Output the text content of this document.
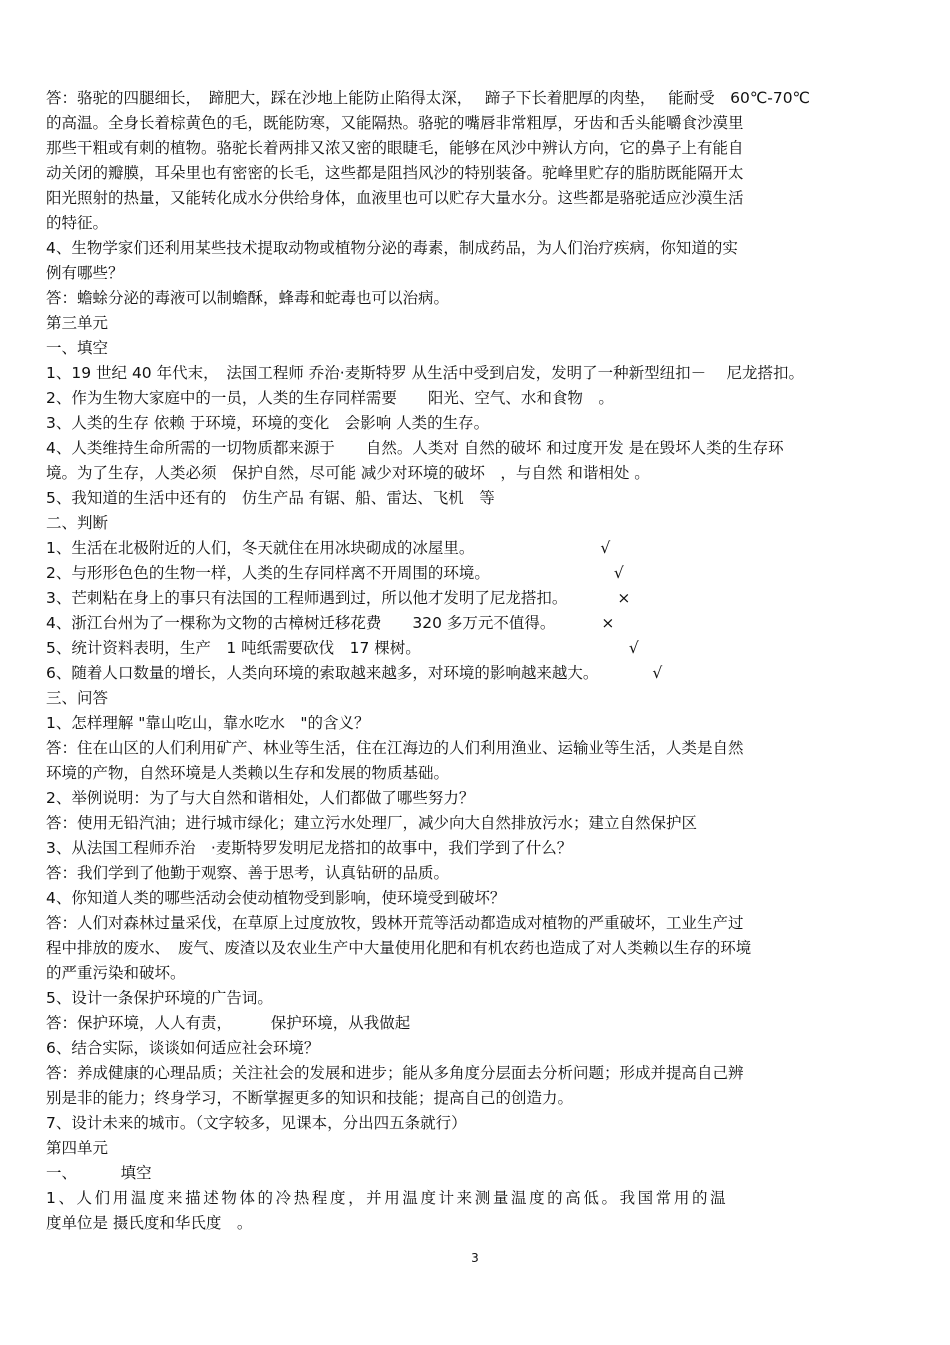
答：骆驼的四腿细长，　蹄肥大，踩在沙地上能防止陷得太深，　 蹄子下长着肥厚的肉垫，　 能耐受　60℃-70℃
的高温。全身长着棕黄色的毛，既能防寒，又能隔热。骆驼的嘴唇非常粗厚，牙齿和舌头能嚼食沙漠里
那些干粗或有刺的植物。骆驼长着两排又浓又密的眼睫毛，能够在风沙中辨认方向，它的鼻子上有能自
动关闭的瓣膜，耳朵里也有密密的长毛，这些都是阻挡风沙的特别装备。驼峰里贮存的脂肪既能隔开太
阳光照射的热量，又能转化成水分供给身体，血液里也可以贮存大量水分。这些都是骆驼适应沙漠生活
的特征。
4、生物学家们还利用某些技术提取动物或植物分泌的毒素，制成药品，为人们治疗疾病，你知道的实
例有哪些？
答：蟾蜍分泌的毒液可以制蟾酥，蜂毒和蛇毒也可以治病。
第三单元
一、填空
1、19 世纪 40 年代末，　法国工程师 乔治·麦斯特罗 从生活中受到启发，发明了一种新型纽扣－　 尼龙搭扣。
2、作为生物大家庭中的一员，人类的生存同样需要　　阳光、空气、水和食物　。
3、人类的生存 依赖 于环境，环境的变化　会影响 人类的生存。
4、人类维持生命所需的一切物质都来源于　　自然。人类对 自然的破坏 和过度开发 是在毁坏人类的生存环
境。为了生存，人类必须　保护自然，尽可能 减少对环境的破坏　，与自然 和谐相处 。
5、我知道的生活中还有的　仿生产品 有锯、船、雷达、飞机　等
二、判断
1、生活在北极附近的人们，冬天就住在用冰块砌成的冰屋里。	√
2、与形形色色的生物一样，人类的生存同样离不开周围的环境。	√
3、芒刺粘在身上的事只有法国的工程师遇到过，所以他才发明了尼龙搭扣。	×
4、浙江台州为了一棵称为文物的古樟树迁移花费　　320 多万元不值得。	×
5、统计资料表明，生产　1 吨纸需要砍伐　17 棵树。	√
6、随着人口数量的增长，人类向环境的索取越来越多，对环境的影响越来越大。	√
三、问答
1、怎样理解 "靠山吃山，靠水吃水　"的含义？
答：住在山区的人们利用矿产、林业等生活，住在江海边的人们利用渔业、运输业等生活，人类是自然
环境的产物，自然环境是人类赖以生存和发展的物质基础。
2、举例说明：为了与大自然和谐相处，人们都做了哪些努力？
答：使用无铅汽油；进行城市绿化；建立污水处理厂，减少向大自然排放污水；建立自然保护区
3、从法国工程师乔治　·麦斯特罗发明尼龙搭扣的故事中，我们学到了什么？
答：我们学到了他勤于观察、善于思考，认真钻研的品质。
4、你知道人类的哪些活动会使动植物受到影响，使环境受到破坏？
答：人们对森林过量采伐，在草原上过度放牧，毁林开荒等活动都造成对植物的严重破坏，工业生产过
程中排放的废水、　废气、废渣以及农业生产中大量使用化肥和有机农药也造成了对人类赖以生存的环境
的严重污染和破坏。
5、设计一条保护环境的广告词。
答：保护环境，人人有责，　　　保护环境，从我做起
6、结合实际，谈谈如何适应社会环境？
答：养成健康的心理品质；关注社会的发展和进步；能从多角度分层面去分析问题；形成并提高自己辨
别是非的能力；终身学习，不断掌握更多的知识和技能；提高自己的创造力。
7、设计未来的城市。（文字较多，见课本，分出四五条就行）
第四单元
一、　　　 填空
1、人们用温度来描述物体的冷热程度，并用温度计来测量温度的高低。我国常用的温
度单位是 摄氏度和华氏度　。
3
